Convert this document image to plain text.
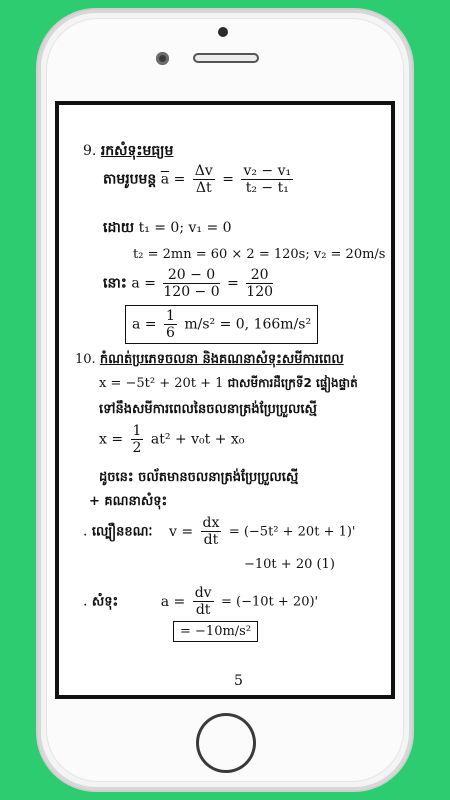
9. រកសំទុះមធ្យម
តាមរូបមន្ត $\overline{a} = \frac{\Delta v}{\Delta t} = \frac{\text{v₂ − v₁}}{\text{t₂ − t₁}}$
ដោយ t₁ = 0; v₁ = 0
t₂ = 2mn = 60 × 2 = 120s; v₂ = 20m/s
នោះ $a = \frac{20 - 0}{120 - 0} = \frac{20}{120}$
$a = \frac{1}{6} m/s^2 = 0$, 166m/s²
10. កំណត់ប្រភេទចលនា និងគណនាសំទុះសមីការពេល
x = −5t² + 20t + 1 ជាសមីការដឺក្រេទី2 ផ្ទៀងផ្ទាត់
ទៅនឹងសមីការពេលនៃចលនាត្រង់ប្រែប្រួលស្មើ
$x = \frac{1}{2} at^2 + v_0t + x_0$
ដូចនេះ ចល័តមានចលនាត្រង់ប្រែប្រួលស្មើ
+ គណនាសំទុះ
. ល្បឿនខណៈ $v = \frac{dx}{dt} = (-5t^2 + 20t + 1)'$
−10t + 20 (1)
. សំទុះ	$a = \frac{dv}{dt} = (-10t + 20)'$
= −10m/s²
5
